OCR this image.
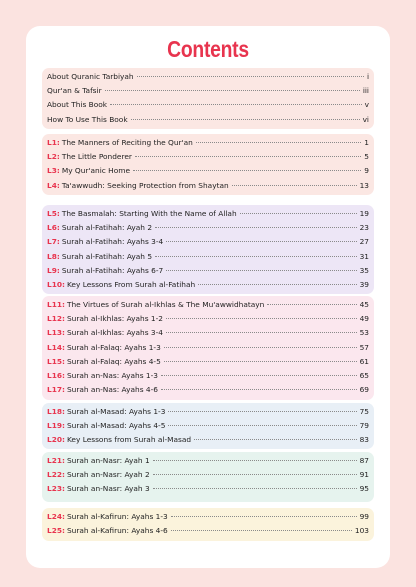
Contents
About Quranic Tarbiyah	i
Qur'an & Tafsir	iii
About This Book	v
How To Use This Book	vi
L1: The Manners of Reciting the Qur'an	1
L2: The Little Ponderer	5
L3: My Qur'anic Home	9
L4: Ta'awwudh: Seeking Protection from Shaytan	13
L5: The Basmalah: Starting With the Name of Allah	19
L6: Surah al-Fatihah: Ayah 2	23
L7: Surah al-Fatihah: Ayahs 3-4	27
L8: Surah al-Fatihah: Ayah 5	31
L9: Surah al-Fatihah: Ayahs 6-7	35
L10: Key Lessons From Surah al-Fatihah	39
L11: The Virtues of Surah al-Ikhlas & The Mu'awwidhatayn	45
L12: Surah al-Ikhlas: Ayahs 1-2	49
L13: Surah al-Ikhlas: Ayahs 3-4	53
L14: Surah al-Falaq: Ayahs 1-3	57
L15: Surah al-Falaq: Ayahs 4-5	61
L16: Surah an-Nas: Ayahs 1-3	65
L17: Surah an-Nas: Ayahs 4-6	69
L18: Surah al-Masad: Ayahs 1-3	75
L19: Surah al-Masad: Ayahs 4-5	79
L20: Key Lessons from Surah al-Masad	83
L21: Surah an-Nasr: Ayah 1	87
L22: Surah an-Nasr: Ayah 2	91
L23: Surah an-Nasr: Ayah 3	95
L24: Surah al-Kafirun: Ayahs 1-3	99
L25: Surah al-Kafirun: Ayahs 4-6	103
